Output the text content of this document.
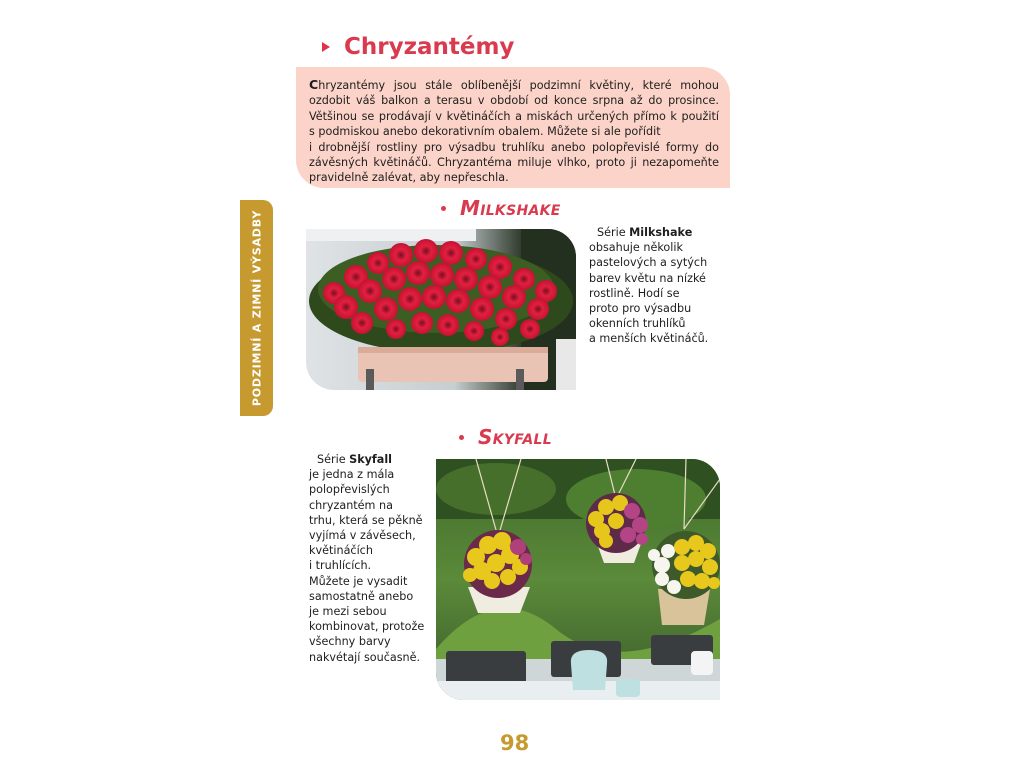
Chryzantémy
Chryzantémy jsou stále oblíbenější podzimní květiny, které mohou
ozdobit váš balkon a terasu v období od konce srpna až do prosince.
Většinou se prodávají v květináčích a miskách určených přímo k použití
s podmiskou anebo dekorativním obalem. Můžete si ale pořídit
i drobnější rostliny pro výsadbu truhlíku anebo polopřevislé formy do
závěsných květináčů. Chryzantéma miluje vlhko, proto ji nezapomeňte
pravidelně zalévat, aby nepřeschla.
PODZIMNÍ A ZIMNÍ VÝSADBY
Milkshake
Série Milkshake
obsahuje několik
pastelových a sytých
barev květu na nízké
rostlině. Hodí se
proto pro výsadbu
okenních truhlíků
a menších květináčů.
Skyfall
Série Skyfall
je jedna z mála
polopřevislých
chryzantém na
trhu, která se pěkně
vyjímá v závěsech,
květináčích
i truhlících.
Můžete je vysadit
samostatně anebo
je mezi sebou
kombinovat, protože
všechny barvy
nakvétají současně.
98
